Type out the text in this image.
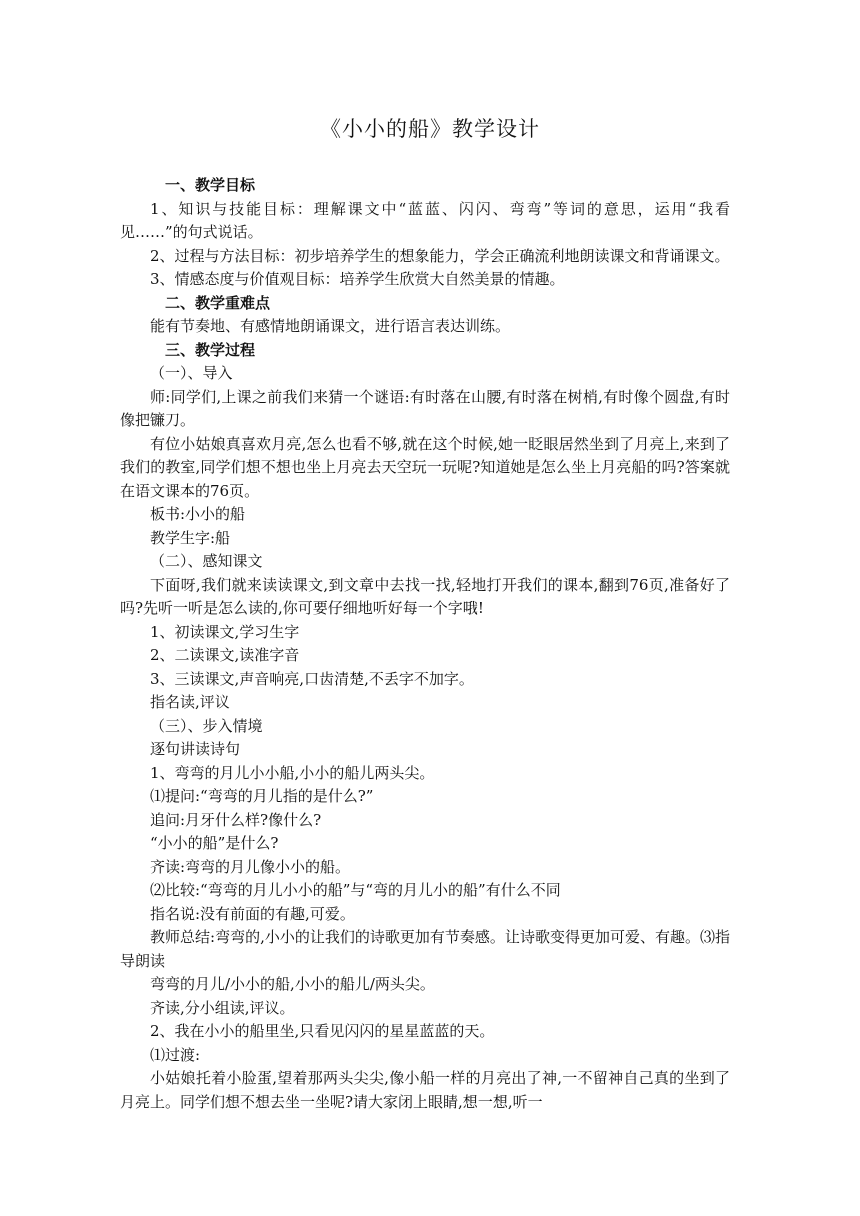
《小小的船》教学设计

一、教学目标

1、知识与技能目标：理解课文中“蓝蓝、闪闪、弯弯”等词的意思，运用“我看见……”的句式说话。

2、过程与方法目标：初步培养学生的想象能力，学会正确流利地朗读课文和背诵课文。

3、情感态度与价值观目标：培养学生欣赏大自然美景的情趣。

二、教学重难点

能有节奏地、有感情地朗诵课文，进行语言表达训练。

三、教学过程

（一）、导入

师:同学们,上课之前我们来猜一个谜语:有时落在山腰,有时落在树梢,有时像个圆盘,有时像把镰刀。

有位小姑娘真喜欢月亮,怎么也看不够,就在这个时候,她一眨眼居然坐到了月亮上,来到了我们的教室,同学们想不想也坐上月亮去天空玩一玩呢?知道她是怎么坐上月亮船的吗?答案就在语文课本的76页。

板书:小小的船

教学生字:船

（二）、感知课文

下面呀,我们就来读读课文,到文章中去找一找,轻地打开我们的课本,翻到76页,准备好了吗?先听一听是怎么读的,你可要仔细地听好每一个字哦!

1、初读课文,学习生字

2、二读课文,读准字音

3、三读课文,声音响亮,口齿清楚,不丢字不加字。

指名读,评议

（三）、步入情境

逐句讲读诗句

1、弯弯的月儿小小船,小小的船儿两头尖。

⑴提问:“弯弯的月儿指的是什么?”

追问:月牙什么样?像什么?

“小小的船”是什么?

齐读:弯弯的月儿像小小的船。

⑵比较:“弯弯的月儿小小的船”与“弯的月儿小的船”有什么不同

指名说:没有前面的有趣,可爱。

教师总结:弯弯的,小小的让我们的诗歌更加有节奏感。让诗歌变得更加可爱、有趣。⑶指导朗读

弯弯的月儿/小小的船,小小的船儿/两头尖。

齐读,分小组读,评议。

2、我在小小的船里坐,只看见闪闪的星星蓝蓝的天。

⑴过渡:

小姑娘托着小脸蛋,望着那两头尖尖,像小船一样的月亮出了神,一不留神自己真的坐到了月亮上。同学们想不想去坐一坐呢?请大家闭上眼睛,想一想,听一
